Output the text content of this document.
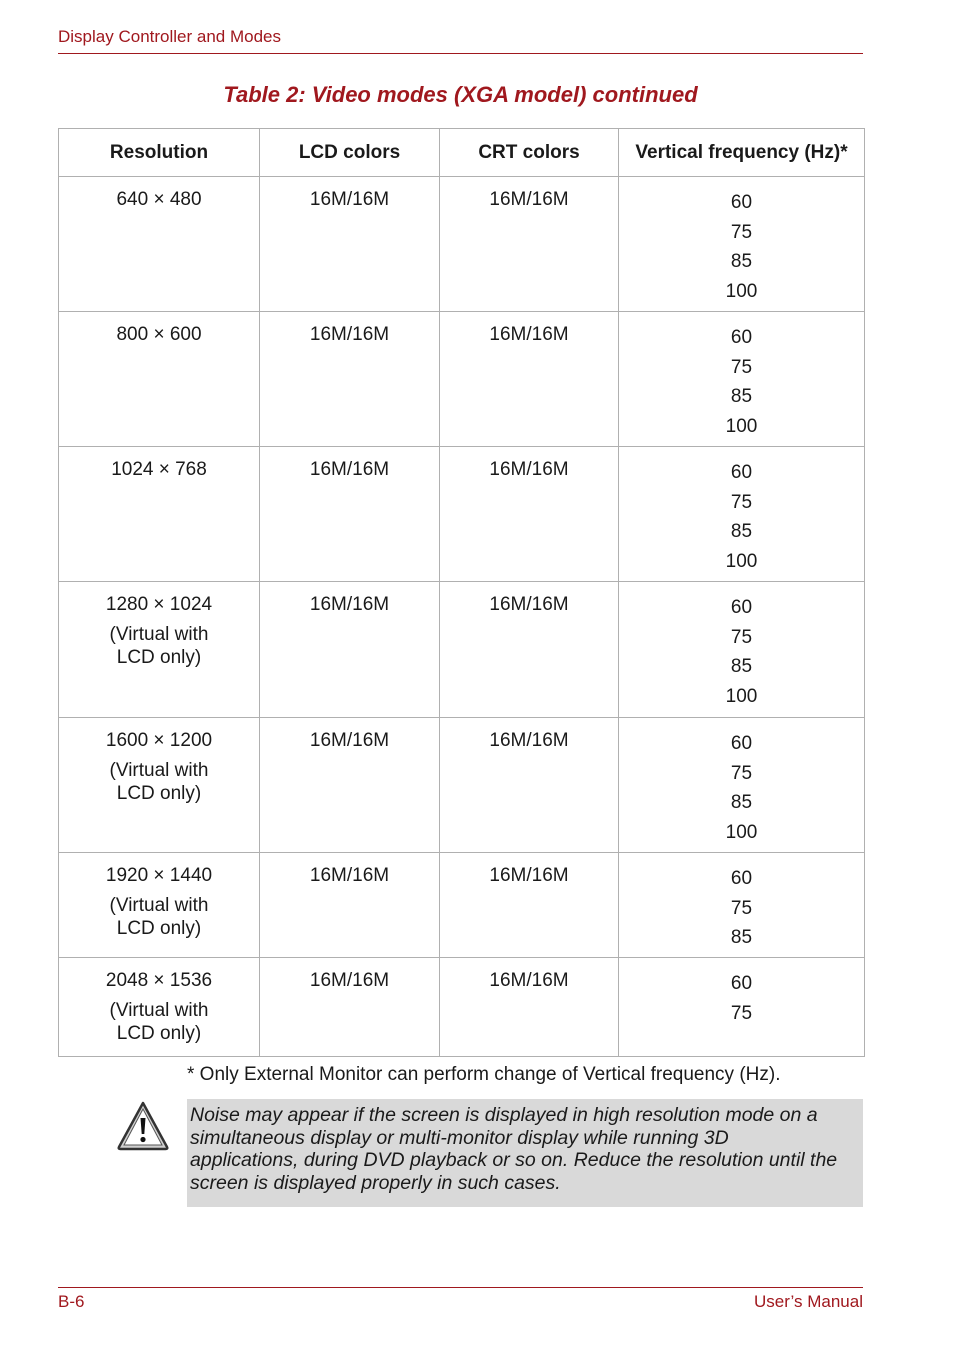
Display Controller and Modes
Table 2: Video modes (XGA model) continued
Resolution	LCD colors	CRT colors	Vertical frequency (Hz)*

640 × 480	16M/16M	16M/16M	60
75
85
100

800 × 600	16M/16M	16M/16M	60
75
85
100

1024 × 768	16M/16M	16M/16M	60
75
85
100

1280 × 1024
(Virtual with
LCD only)	16M/16M	16M/16M	60
75
85
100

1600 × 1200
(Virtual with
LCD only)	16M/16M	16M/16M	60
75
85
100

1920 × 1440
(Virtual with
LCD only)	16M/16M	16M/16M	60
75
85

2048 × 1536
(Virtual with
LCD only)	16M/16M	16M/16M	60
75
* Only External Monitor can perform change of Vertical frequency (Hz).
Noise may appear if the screen is displayed in high resolution mode on a
simultaneous display or multi-monitor display while running 3D
applications, during DVD playback or so on. Reduce the resolution until the
screen is displayed properly in such cases.
B-6	User’s Manual
